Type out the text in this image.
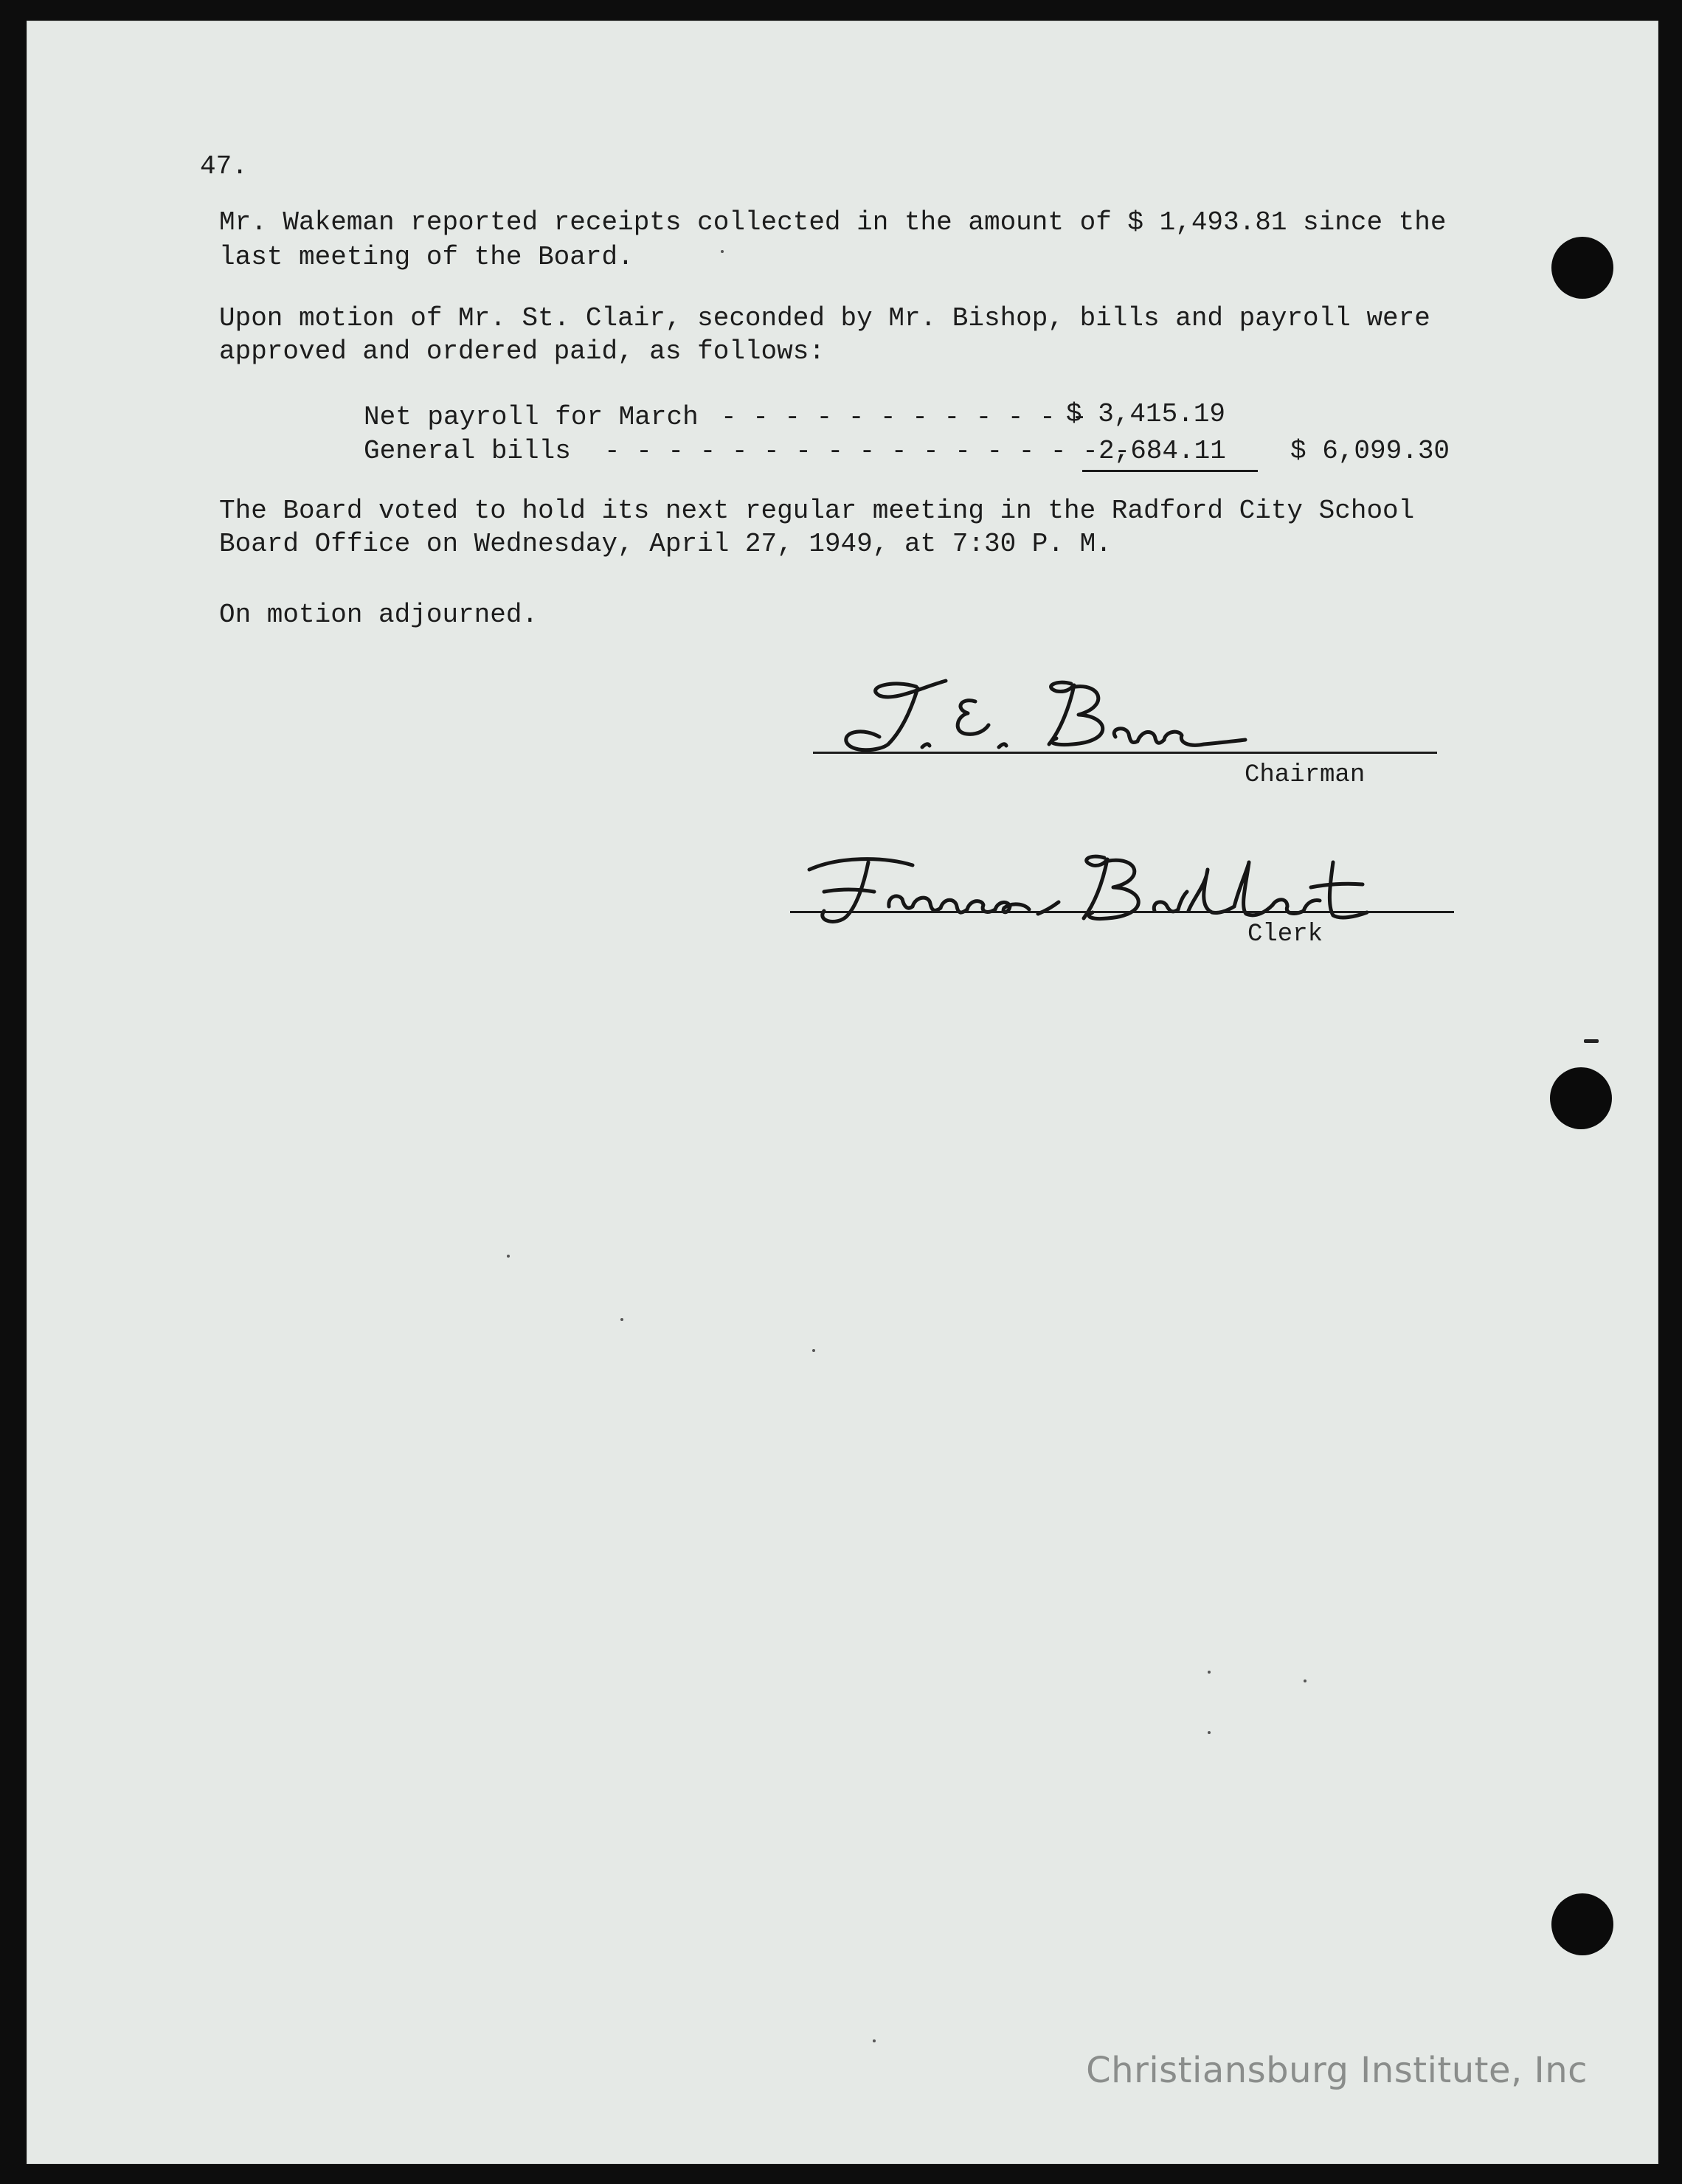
47.
Mr. Wakeman reported receipts collected in the amount of $ 1,493.81 since the
last meeting of the Board.
Upon motion of Mr. St. Clair, seconded by Mr. Bishop, bills and payroll were
approved and ordered paid, as follows:
Net payroll for March - - - - - - - - - - - -
$ 3,415.19
General bills - - - - - - - - - - - - - - - - -
2,684.11 $ 6,099.30
The Board voted to hold its next regular meeting in the Radford City School
Board Office on Wednesday, April 27, 1949, at 7:30 P. M.
On motion adjourned.
Chairman
Clerk
Christiansburg Institute, Inc
